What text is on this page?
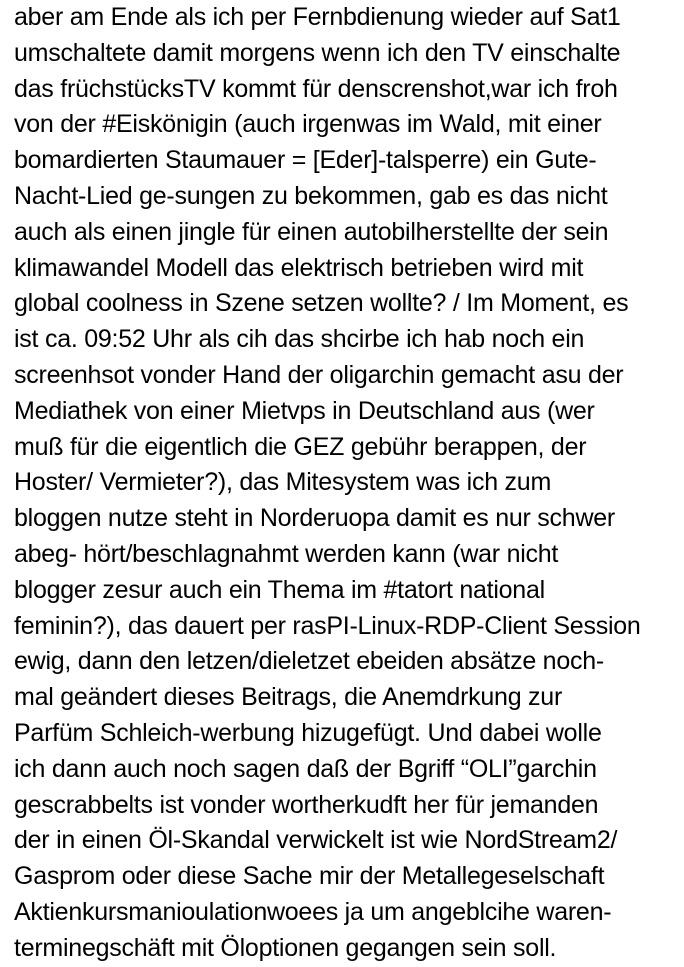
aber am Ende als ich per Fernbdienung wieder auf Sat1
umschaltete damit morgens wenn ich den TV einschalte
das früchstücksTV kommt für denscrenshot,war ich froh
von der #Eiskönigin (auch irgenwas im Wald, mit einer
bomardierten Staumauer = [Eder]-talsperre) ein Gute-
Nacht-Lied ge-sungen zu bekommen, gab es das nicht
auch als einen jingle für einen autobilherstellte der sein
klimawandel Modell das elektrisch betrieben wird mit
global coolness in Szene setzen wollte? / Im Moment, es
ist ca. 09:52 Uhr als cih das shcirbe ich hab noch ein
screenhsot vonder Hand der oligarchin gemacht asu der
Mediathek von einer Mietvps in Deutschland aus (wer
muß für die eigentlich die GEZ gebühr berappen, der
Hoster/ Vermieter?), das Mitesystem was ich zum
bloggen nutze steht in Norderuopa damit es nur schwer
abeg- hört/beschlagnahmt werden kann (war nicht
blogger zesur auch ein Thema im #tatort national
feminin?), das dauert per rasPI-Linux-RDP-Client Session
ewig, dann den letzen/dieletzet ebeiden absätze noch-
mal geändert dieses Beitrags, die Anemdrkung zur
Parfüm Schleich-werbung hizugefügt. Und dabei wolle
ich dann auch noch sagen daß der Bgriff “OLI”garchin
gescrabbelts ist vonder wortherkudft her für jemanden
der in einen Öl-Skandal verwickelt ist wie NordStream2/
Gasprom oder diese Sache mir der Metallegeselschaft
Aktienkursmanioulationwoees ja um angeblcihe waren-
terminegschäft mit Öloptionen gegangen sein soll.
